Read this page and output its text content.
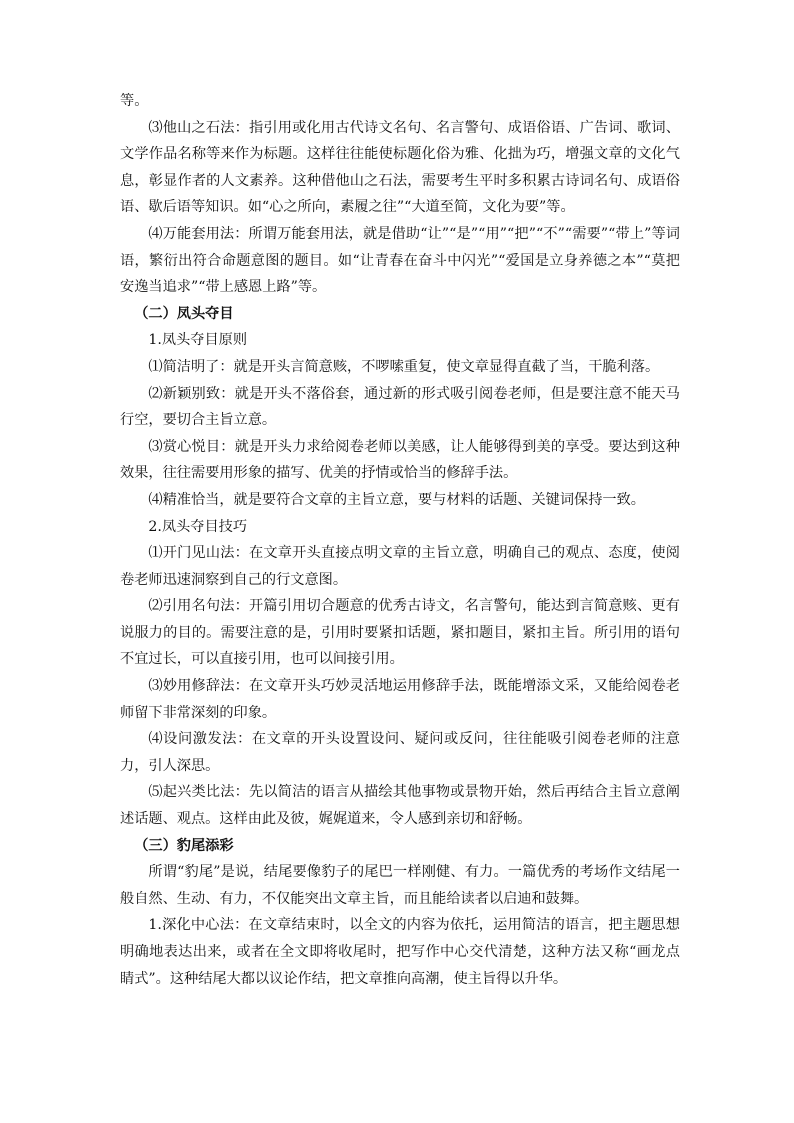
等。

⑶他山之石法：指引用或化用古代诗文名句、名言警句、成语俗语、广告词、歌词、文学作品名称等来作为标题。这样往往能使标题化俗为雅、化拙为巧，增强文章的文化气息，彰显作者的人文素养。这种借他山之石法，需要考生平时多积累古诗词名句、成语俗语、歇后语等知识。如“心之所向，素履之往”“大道至简，文化为要”等。

⑷万能套用法：所谓万能套用法，就是借助“让”“是”“用”“把”“不”“需要”“带上”等词语，繁衍出符合命题意图的题目。如“让青春在奋斗中闪光”“爱国是立身养德之本”“莫把安逸当追求”“带上感恩上路”等。

（二）凤头夺目

1.凤头夺目原则

⑴简洁明了：就是开头言简意赅，不啰嗦重复，使文章显得直截了当，干脆利落。

⑵新颖别致：就是开头不落俗套，通过新的形式吸引阅卷老师，但是要注意不能天马行空，要切合主旨立意。

⑶赏心悦目：就是开头力求给阅卷老师以美感，让人能够得到美的享受。要达到这种效果，往往需要用形象的描写、优美的抒情或恰当的修辞手法。

⑷精准恰当，就是要符合文章的主旨立意，要与材料的话题、关键词保持一致。

2.凤头夺目技巧

⑴开门见山法：在文章开头直接点明文章的主旨立意，明确自己的观点、态度，使阅卷老师迅速洞察到自己的行文意图。

⑵引用名句法：开篇引用切合题意的优秀古诗文，名言警句，能达到言简意赅、更有说服力的目的。需要注意的是，引用时要紧扣话题，紧扣题目，紧扣主旨。所引用的语句不宜过长，可以直接引用，也可以间接引用。

⑶妙用修辞法：在文章开头巧妙灵活地运用修辞手法，既能增添文采，又能给阅卷老师留下非常深刻的印象。

⑷设问激发法：在文章的开头设置设问、疑问或反问，往往能吸引阅卷老师的注意力，引人深思。

⑸起兴类比法：先以简洁的语言从描绘其他事物或景物开始，然后再结合主旨立意阐述话题、观点。这样由此及彼，娓娓道来，令人感到亲切和舒畅。

（三）豹尾添彩

所谓“豹尾”是说，结尾要像豹子的尾巴一样刚健、有力。一篇优秀的考场作文结尾一般自然、生动、有力，不仅能突出文章主旨，而且能给读者以启迪和鼓舞。

1.深化中心法：在文章结束时，以全文的内容为依托，运用简洁的语言，把主题思想明确地表达出来，或者在全文即将收尾时，把写作中心交代清楚，这种方法又称“画龙点睛式”。这种结尾大都以议论作结，把文章推向高潮，使主旨得以升华。
